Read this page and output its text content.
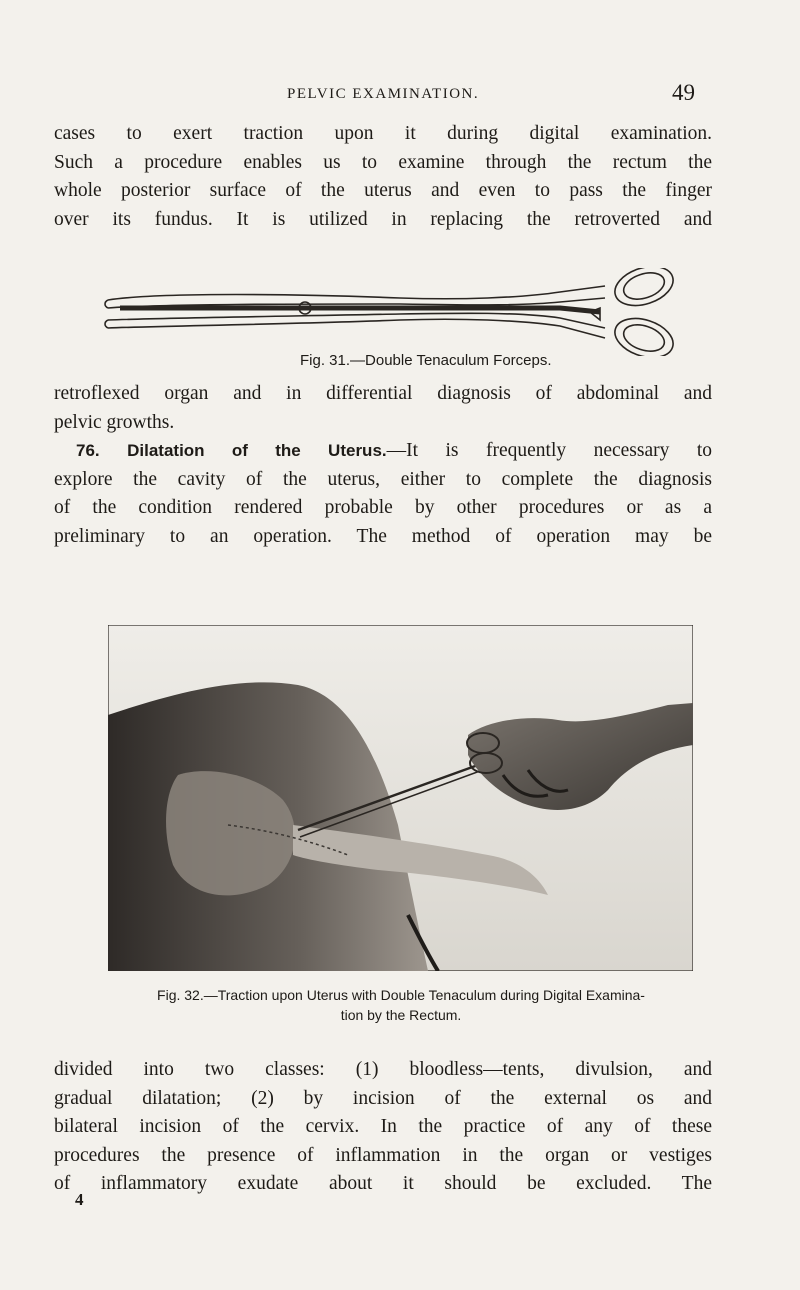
PELVIC EXAMINATION.	49

cases to exert traction upon it during digital examination.
Such a procedure enables us to examine through the rectum the
whole posterior surface of the uterus and even to pass the finger
over its fundus. It is utilized in replacing the retroverted and

Fig. 31.—Double Tenaculum Forceps.

retroflexed organ and in differential diagnosis of abdominal and
pelvic growths.
76. Dilatation of the Uterus.—It is frequently necessary to
explore the cavity of the uterus, either to complete the diagnosis
of the condition rendered probable by other procedures or as a
preliminary to an operation. The method of operation may be

Fig. 32.—Traction upon Uterus with Double Tenaculum during Digital Examina-
tion by the Rectum.

divided into two classes: (1) bloodless—tents, divulsion, and
gradual dilatation; (2) by incision of the external os and
bilateral incision of the cervix. In the practice of any of these
procedures the presence of inflammation in the organ or vestiges
of inflammatory exudate about it should be excluded. The

4
